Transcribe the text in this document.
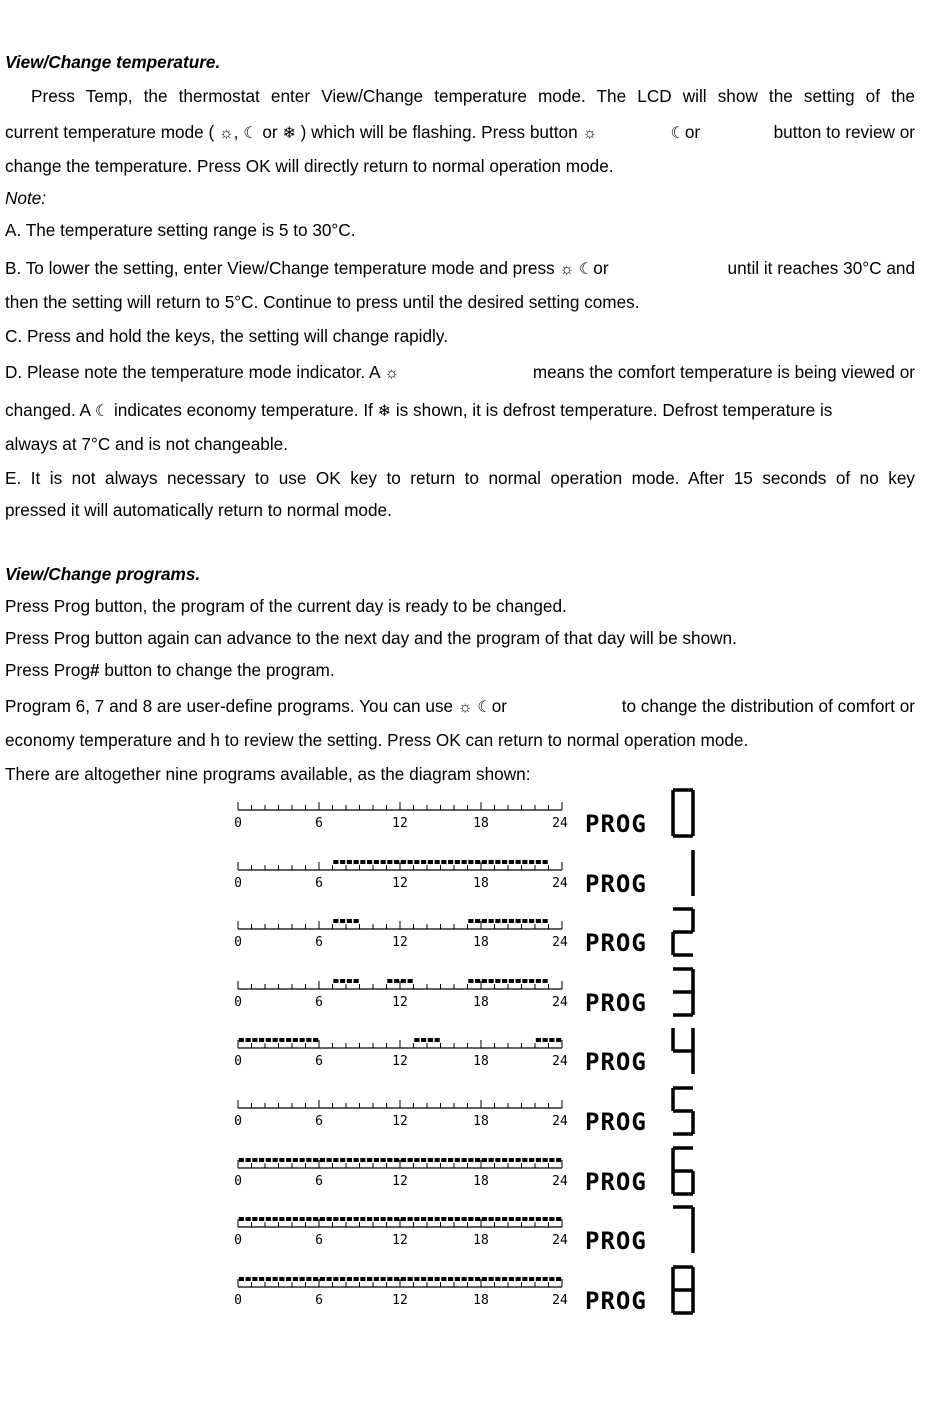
View/Change temperature.
Press Temp, the thermostat enter View/Change temperature mode. The LCD will show the setting of the
current temperature mode ( ☼, ☾ or ❄ ) which will be flashing. Press button ☼	☾or	button to review or
change the temperature. Press OK will directly return to normal operation mode.
Note:
A. The temperature setting range is 5 to 30°C.
B. To lower the setting, enter View/Change temperature mode and press ☼ ☾or	until it reaches 30°C and
then the setting will return to 5°C. Continue to press until the desired setting comes.
C. Press and hold the keys, the setting will change rapidly.
D. Please note the temperature mode indicator. A ☼	means the comfort temperature is being viewed or
changed. A ☾ indicates economy temperature. If ❄ is shown, it is defrost temperature. Defrost temperature is
always at 7°C and is not changeable.
E. It is not always necessary to use OK key to return to normal operation mode. After 15 seconds of no key
pressed it will automatically return to normal mode.
View/Change programs.
Press Prog button, the program of the current day is ready to be changed.
Press Prog button again can advance to the next day and the program of that day will be shown.
Press Prog# button to change the program.
Program 6, 7 and 8 are user-define programs. You can use ☼ ☾or	to change the distribution of comfort or
economy temperature and h to review the setting. Press OK can return to normal operation mode.
There are altogether nine programs available, as the diagram shown:
0	6	12	18	24 PROG
0	6	12	18	24 PROG
0	6	12	18	24 PROG
0	6	12	18	24 PROG
0	6	12	18	24 PROG
0	6	12	18	24 PROG
0	6	12	18	24 PROG
0	6	12	18	24 PROG
0	6	12	18	24 PROG
